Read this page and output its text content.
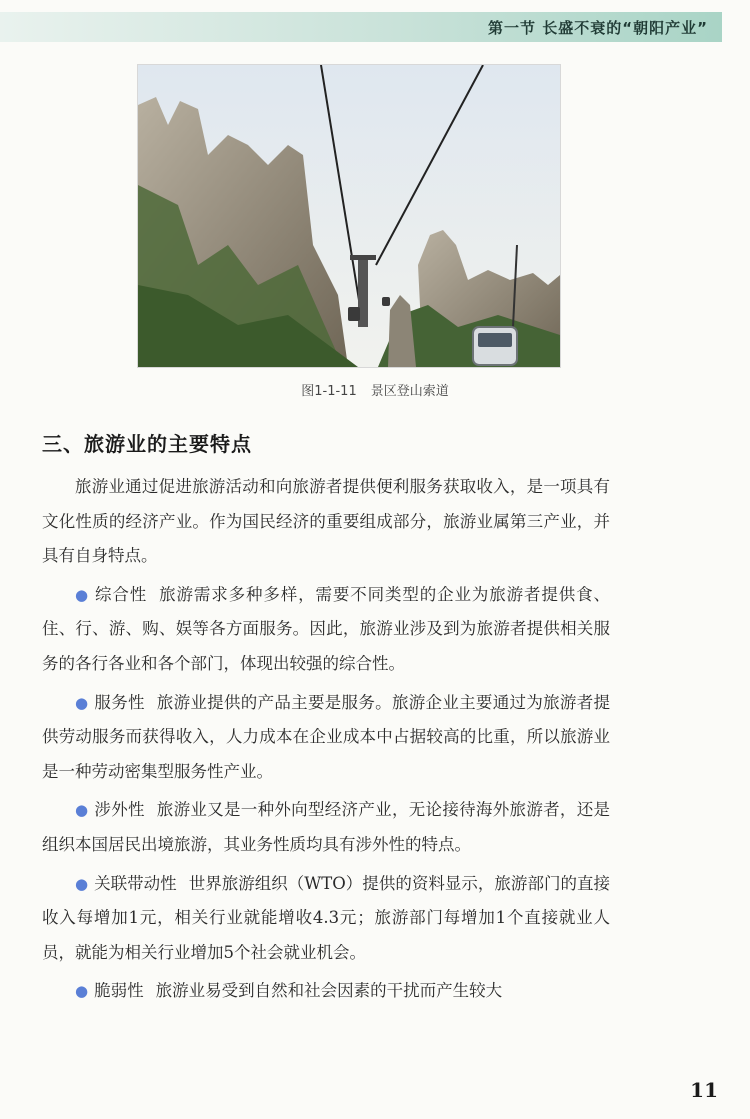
第一节 长盛不衰的“朝阳产业”
图1-1-11 景区登山索道
三、旅游业的主要特点

旅游业通过促进旅游活动和向旅游者提供便利服务获取收入，是一项具有文化性质的经济产业。作为国民经济的重要组成部分，旅游业属第三产业，并具有自身特点。

● 综合性 旅游需求多种多样，需要不同类型的企业为旅游者提供食、住、行、游、购、娱等各方面服务。因此，旅游业涉及到为旅游者提供相关服务的各行各业和各个部门，体现出较强的综合性。

● 服务性 旅游业提供的产品主要是服务。旅游企业主要通过为旅游者提供劳动服务而获得收入，人力成本在企业成本中占据较高的比重，所以旅游业是一种劳动密集型服务性产业。

● 涉外性 旅游业又是一种外向型经济产业，无论接待海外旅游者，还是组织本国居民出境旅游，其业务性质均具有涉外性的特点。

● 关联带动性 世界旅游组织（WTO）提供的资料显示，旅游部门的直接收入每增加1元，相关行业就能增收4.3元；旅游部门每增加1个直接就业人员，就能为相关行业增加5个社会就业机会。

● 脆弱性 旅游业易受到自然和社会因素的干扰而产生较大

11
